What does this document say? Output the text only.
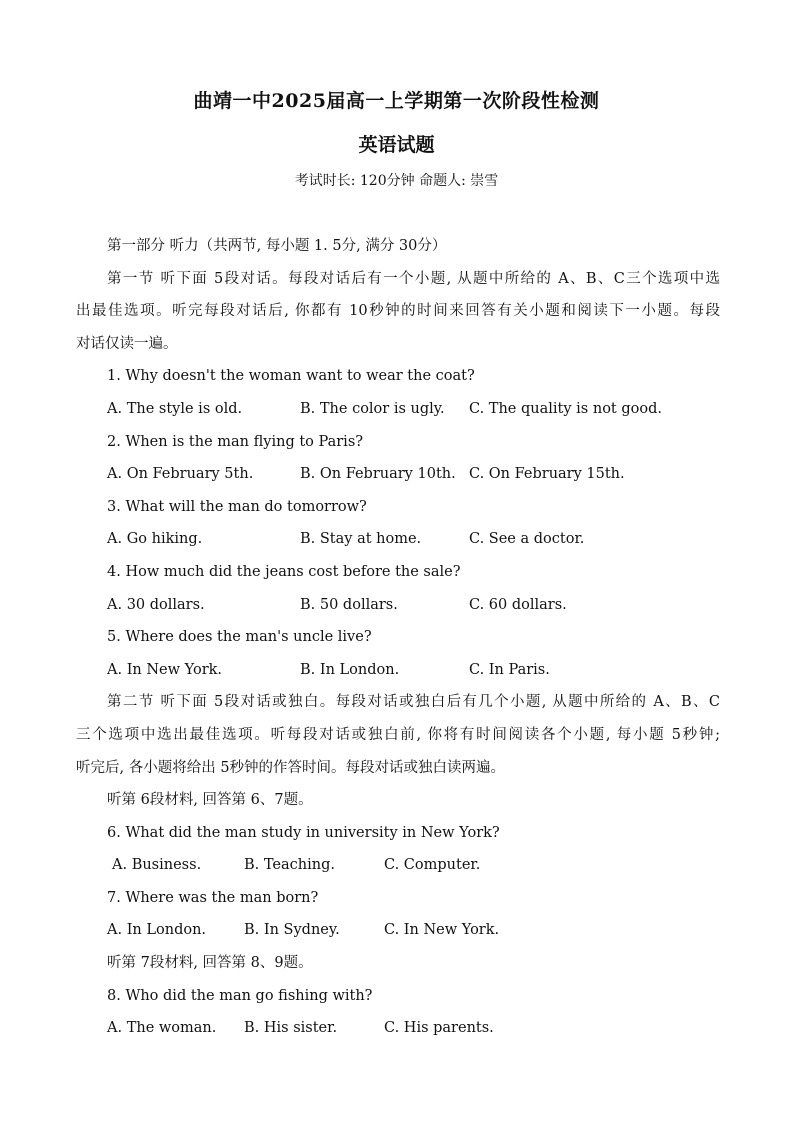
曲靖一中2025届高一上学期第一次阶段性检测
英语试题
考试时长: 120分钟 命题人: 崇雪
第一部分 听力（共两节, 每小题 1. 5分, 满分 30分）
第一节 听下面 5段对话。每段对话后有一个小题, 从题中所给的 A、B、C三个选项中选
出最佳选项。听完每段对话后, 你都有 10秒钟的时间来回答有关小题和阅读下一小题。每段
对话仅读一遍。
1. Why doesn't the woman want to wear the coat?
A. The style is old.	B. The color is ugly. C. The quality is not good.
2. When is the man flying to Paris?
A. On February 5th.	B. On February 10th. C. On February 15th.
3. What will the man do tomorrow?
A. Go hiking.	B. Stay at home.	C. See a doctor.
4. How much did the jeans cost before the sale?
A. 30 dollars.	B. 50 dollars.	C. 60 dollars.
5. Where does the man's uncle live?
A. In New York.	B. In London.	C. In Paris.
第二节 听下面 5段对话或独白。每段对话或独白后有几个小题, 从题中所给的 A、B、C
三个选项中选出最佳选项。听每段对话或独白前, 你将有时间阅读各个小题, 每小题 5秒钟;
听完后, 各小题将给出 5秒钟的作答时间。每段对话或独白读两遍。
听第 6段材料, 回答第 6、7题。
6. What did the man study in university in New York?
A. Business.	B. Teaching.	C. Computer.
7. Where was the man born?
A. In London.	B. In Sydney.	C. In New York.
听第 7段材料, 回答第 8、9题。
8. Who did the man go fishing with?
A. The woman. B. His sister.	C. His parents.
